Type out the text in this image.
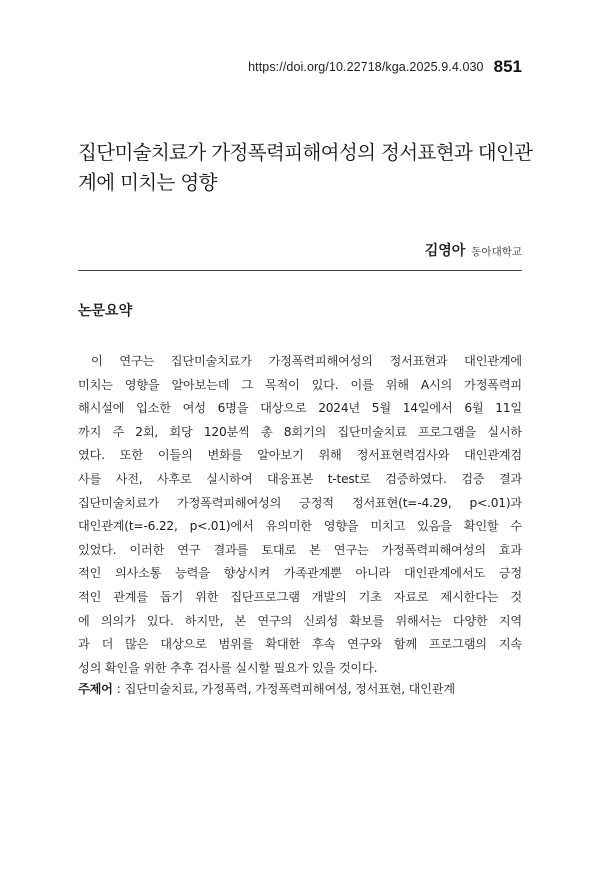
https://doi.org/10.22718/kga.2025.9.4.030 851
집단미술치료가 가정폭력피해여성의 정서표현과 대인관계에 미치는 영향
김영아 동아대학교
논문요약
이 연구는 집단미술치료가 가정폭력피해여성의 정서표현과 대인관계에
미치는 영향을 알아보는데 그 목적이 있다. 이를 위해 A시의 가정폭력피
해시설에 입소한 여성 6명을 대상으로 2024년 5월 14일에서 6월 11일
까지 주 2회, 회당 120분씩 총 8회기의 집단미술치료 프로그램을 실시하
였다. 또한 이들의 변화를 알아보기 위해 정서표현력검사와 대인관계검
사를 사전, 사후로 실시하여 대응표본 t-test로 검증하였다. 검증 결과
집단미술치료가 가정폭력피해여성의 긍정적 정서표현(t=-4.29, p<.01)과
대인관계(t=-6.22, p<.01)에서 유의미한 영향을 미치고 있음을 확인할 수
있었다. 이러한 연구 결과를 토대로 본 연구는 가정폭력피해여성의 효과
적인 의사소통 능력을 향상시켜 가족관계뿐 아니라 대인관계에서도 긍정
적인 관계를 돕기 위한 집단프로그램 개발의 기초 자료로 제시한다는 것
에 의의가 있다. 하지만, 본 연구의 신뢰성 확보를 위해서는 다양한 지역
과 더 많은 대상으로 범위를 확대한 후속 연구와 함께 프로그램의 지속
성의 확인을 위한 추후 검사를 실시할 필요가 있을 것이다.
주제어 : 집단미술치료, 가정폭력, 가정폭력피해여성, 정서표현, 대인관계
